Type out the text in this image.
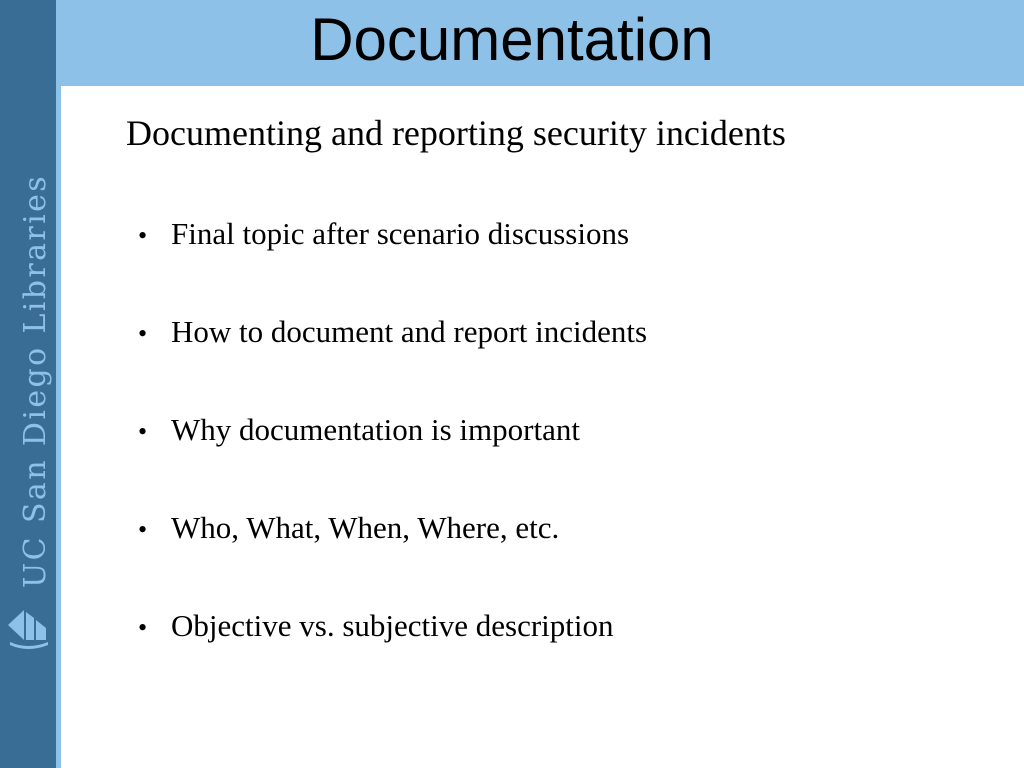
UC San Diego Libraries
Documentation
Documenting and reporting security incidents
• Final topic after scenario discussions
• How to document and report incidents
• Why documentation is important
• Who, What, When, Where, etc.
• Objective vs. subjective description
